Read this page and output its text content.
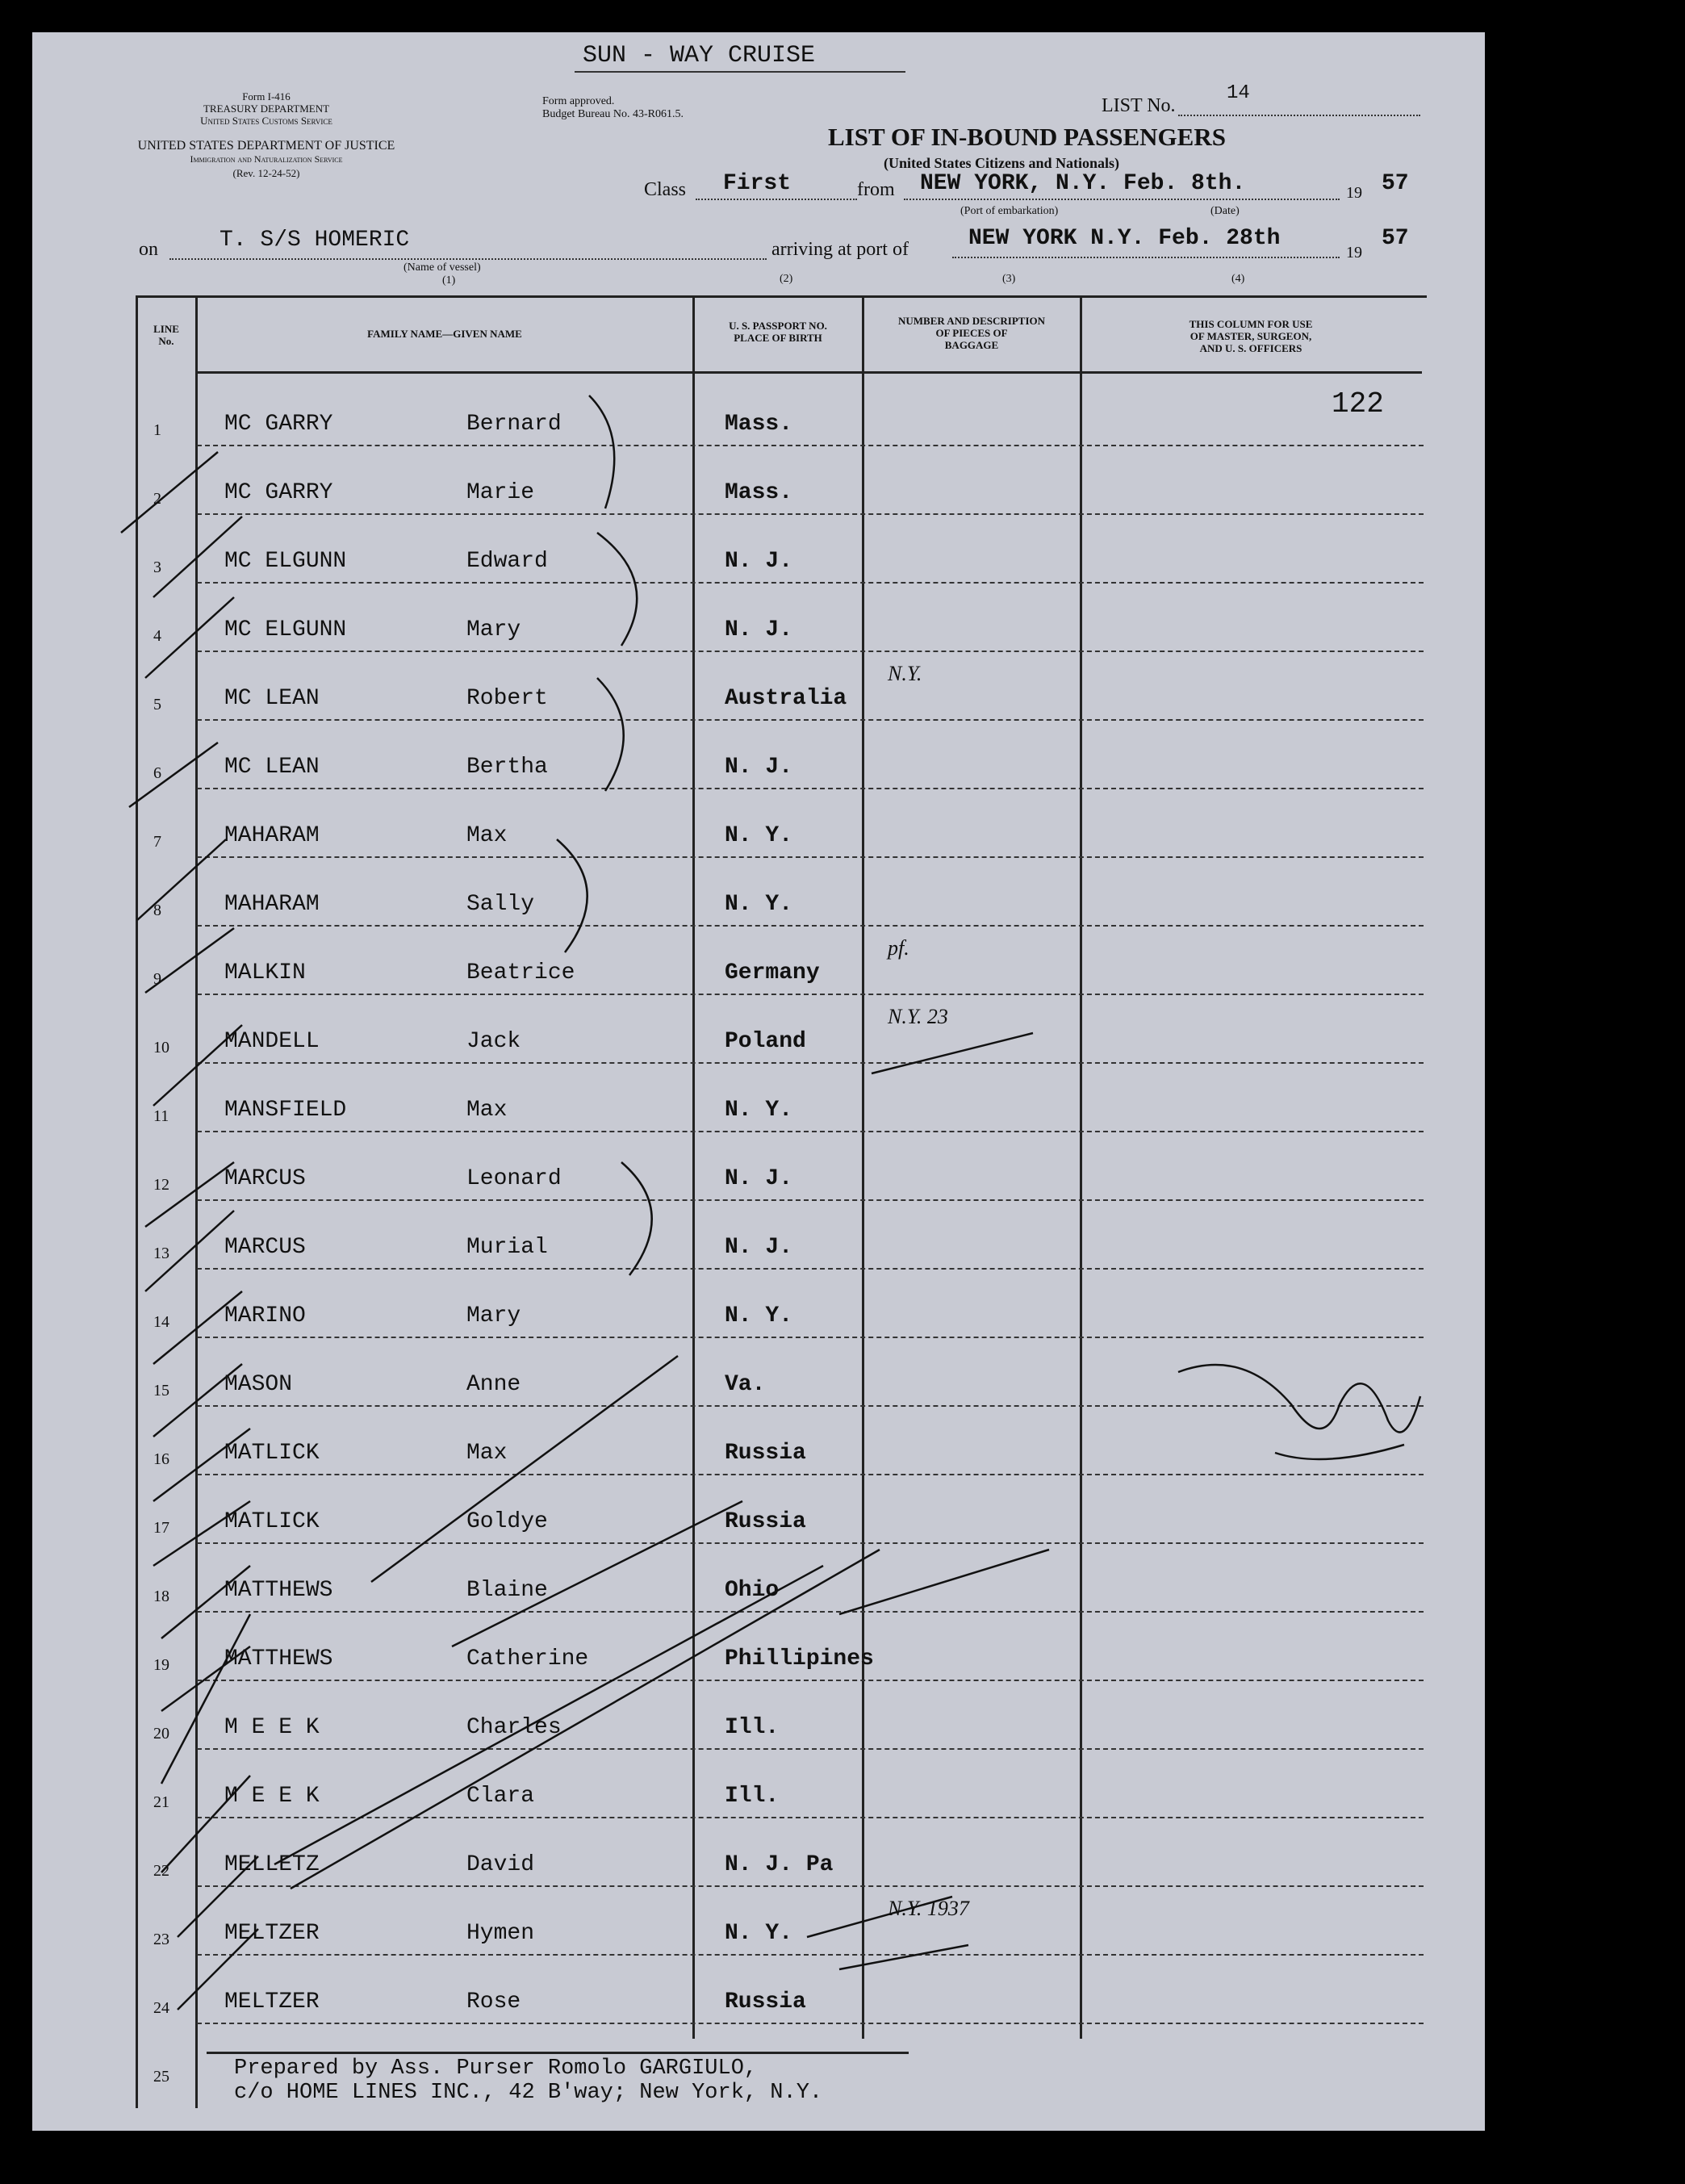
SUN - WAY CRUISE
Form I-416
TREASURY DEPARTMENT
United States Customs Service
UNITED STATES DEPARTMENT OF JUSTICE
Immigration and Naturalization Service
(Rev. 12-24-52)
Form approved.
Budget Bureau No. 43-R061.5.	LIST No.
14
LIST OF IN-BOUND PASSENGERS
(United States Citizens and Nationals)
Class First	from NEW YORK, N.Y. Feb. 8th.	19 57
(Port of embarkation)	(Date)
on	T. S/S HOMERIC
(Name of vessel)
(1)	(2)	(3)	(4)
arriving at port of	NEW YORK N.Y. Feb. 28th
19
57
LINE
No.
FAMILY NAME—GIVEN NAME
U. S. PASSPORT NO.
PLACE OF BIRTH
NUMBER AND DESCRIPTION
OF PIECES OF
BAGGAGE
THIS COLUMN FOR USE
OF MASTER, SURGEON,
AND U. S. OFFICERS
122
1	MC GARRY	Bernard	Mass.
2	MC GARRY	Marie	Mass.
3	MC ELGUNN	Edward	N. J.
4	MC ELGUNN	Mary	N. J.
5	MC LEAN	Robert	Australia
N.Y.
6	MC LEAN	Bertha	N. J.
7	MAHARAM	Max	N. Y.
8	MAHARAM	Sally	N. Y.
9	MALKIN	Beatrice	Germany
pf.
10 MANDELL	Jack	Poland
N.Y. 23
11 MANSFIELD	Max	N. Y.
12 MARCUS	Leonard	N. J.
13 MARCUS	Murial	N. J.
14 MARINO	Mary	N. Y.
15 MASON	Anne	Va.
16 MATLICK	Max	Russia
17 MATLICK	Goldye	Russia
18 MATTHEWS	Blaine	Ohio
19 MATTHEWS	Catherine	Phillipines
20 M E E K	Charles	Ill.
21 M E E K	Clara	Ill.
22 MELLETZ	David	N. J. Pa
23 MELTZER	Hymen	N. Y.
N.Y. 1937
24 MELTZER	Rose	Russia
25	Prepared by Ass. Purser Romolo GARGIULO,
c/o HOME LINES INC., 42 B'way; New York, N.Y.
